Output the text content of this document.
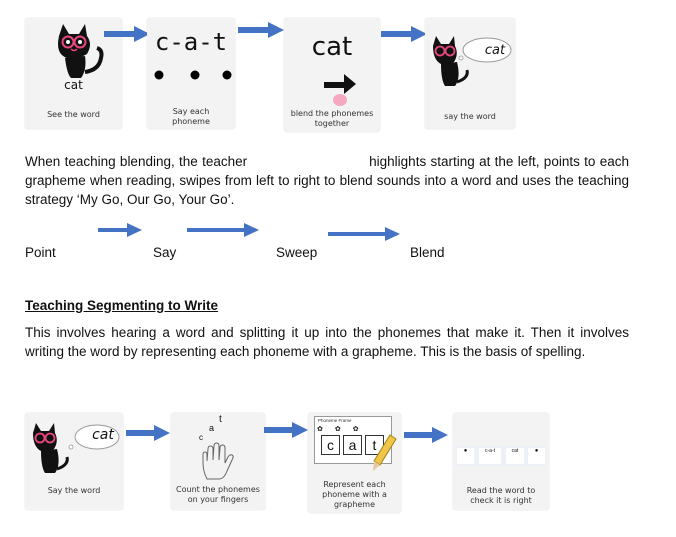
cat
See the word
c-a-t
Say each
phoneme
cat
blend the phonemes
together
cat
say the word
When teaching blending, the teacher	highlights starting at the left, points to each grapheme when reading, swipes from left to right to blend sounds into a word and uses the teaching strategy ‘My Go, Our Go, Your Go’.
Point	Say	Sweep	Blend
Teaching Segmenting to Write
This involves hearing a word and splitting it up into the phonemes that make it. Then it involves writing the word by representing each phoneme with a grapheme. This is the basis of spelling.
cat
Say the word
c
a
t
Count the phonemes
on your fingers
Phoneme Frame
✿✿✿
c	a	t
Represent each
phoneme with a
grapheme
●	c-a-t	cat	●
Read the word to
check it is right
